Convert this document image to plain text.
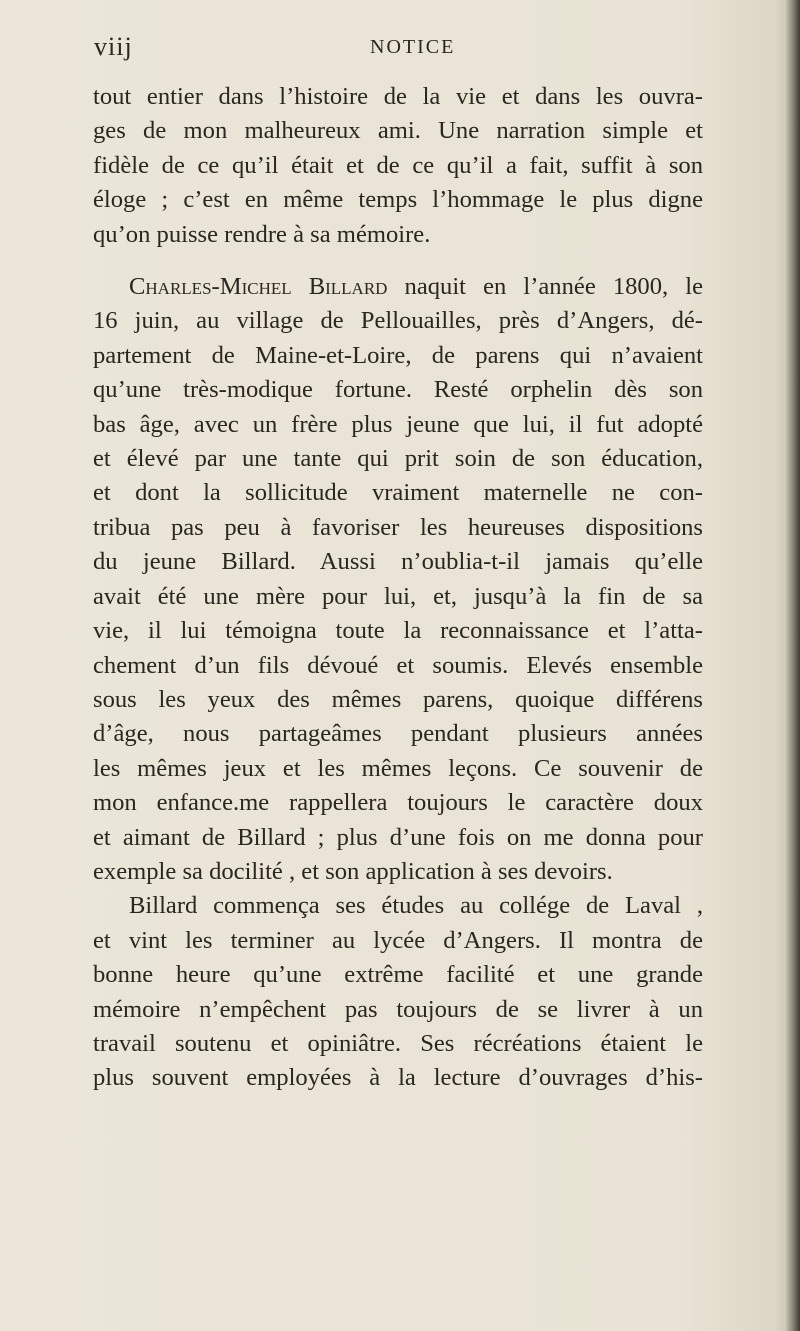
viij	NOTICE
tout entier dans l’histoire de la vie et dans les ouvra-
ges de mon malheureux ami. Une narration simple et
fidèle de ce qu’il était et de ce qu’il a fait, suffit à son
éloge ; c’est en même temps l’hommage le plus digne
qu’on puisse rendre à sa mémoire.
Charles-Michel Billard naquit en l’année 1800, le
16 juin, au village de Pellouailles, près d’Angers, dé-
partement de Maine-et-Loire, de parens qui n’avaient
qu’une très-modique fortune. Resté orphelin dès son
bas âge, avec un frère plus jeune que lui, il fut adopté
et élevé par une tante qui prit soin de son éducation,
et dont la sollicitude vraiment maternelle ne con-
tribua pas peu à favoriser les heureuses dispositions
du jeune Billard. Aussi n’oublia-t-il jamais qu’elle
avait été une mère pour lui, et, jusqu’à la fin de sa
vie, il lui témoigna toute la reconnaissance et l’atta-
chement d’un fils dévoué et soumis. Elevés ensemble
sous les yeux des mêmes parens, quoique différens
d’âge, nous partageâmes pendant plusieurs années
les mêmes jeux et les mêmes leçons. Ce souvenir de
mon enfance.me rappellera toujours le caractère doux
et aimant de Billard ; plus d’une fois on me donna pour
exemple sa docilité , et son application à ses devoirs.
Billard commença ses études au collége de Laval ,
et vint les terminer au lycée d’Angers. Il montra de
bonne heure qu’une extrême facilité et une grande
mémoire n’empêchent pas toujours de se livrer à un
travail soutenu et opiniâtre. Ses récréations étaient le
plus souvent employées à la lecture d’ouvrages d’his-
